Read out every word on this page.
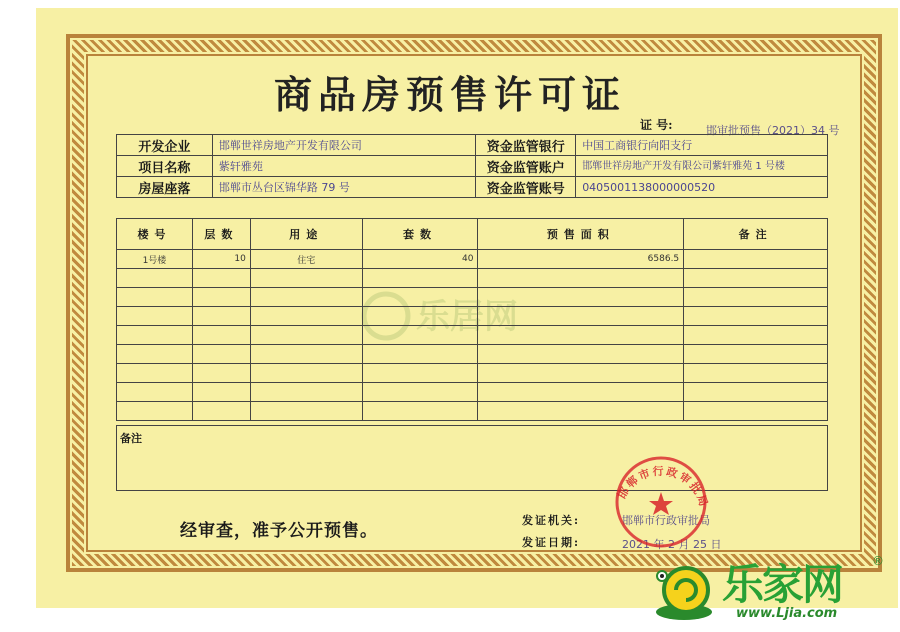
商品房预售许可证
证 号:	邯审批预售（2021）34 号
乐居网
开发企业	邯郸世祥房地产开发有限公司	资金监管银行	中国工商银行向阳支行
项目名称	紫轩雅苑	资金监管账户	邯郸世祥房地产开发有限公司紫轩雅苑 1 号楼
房屋座落	邯郸市丛台区锦华路 79 号	资金监管账号	0405001138000000520
楼号	层数	用途	套数	预售面积	备注
1号楼	10	住宅	40	6586.5	

备注
经审查，准予公开预售。
发证机关:	邯郸市行政审批局
发证日期:	2021 年 2 月 25 日
邯郸市行政审批局
乐家网
www.Ljia.com
®
